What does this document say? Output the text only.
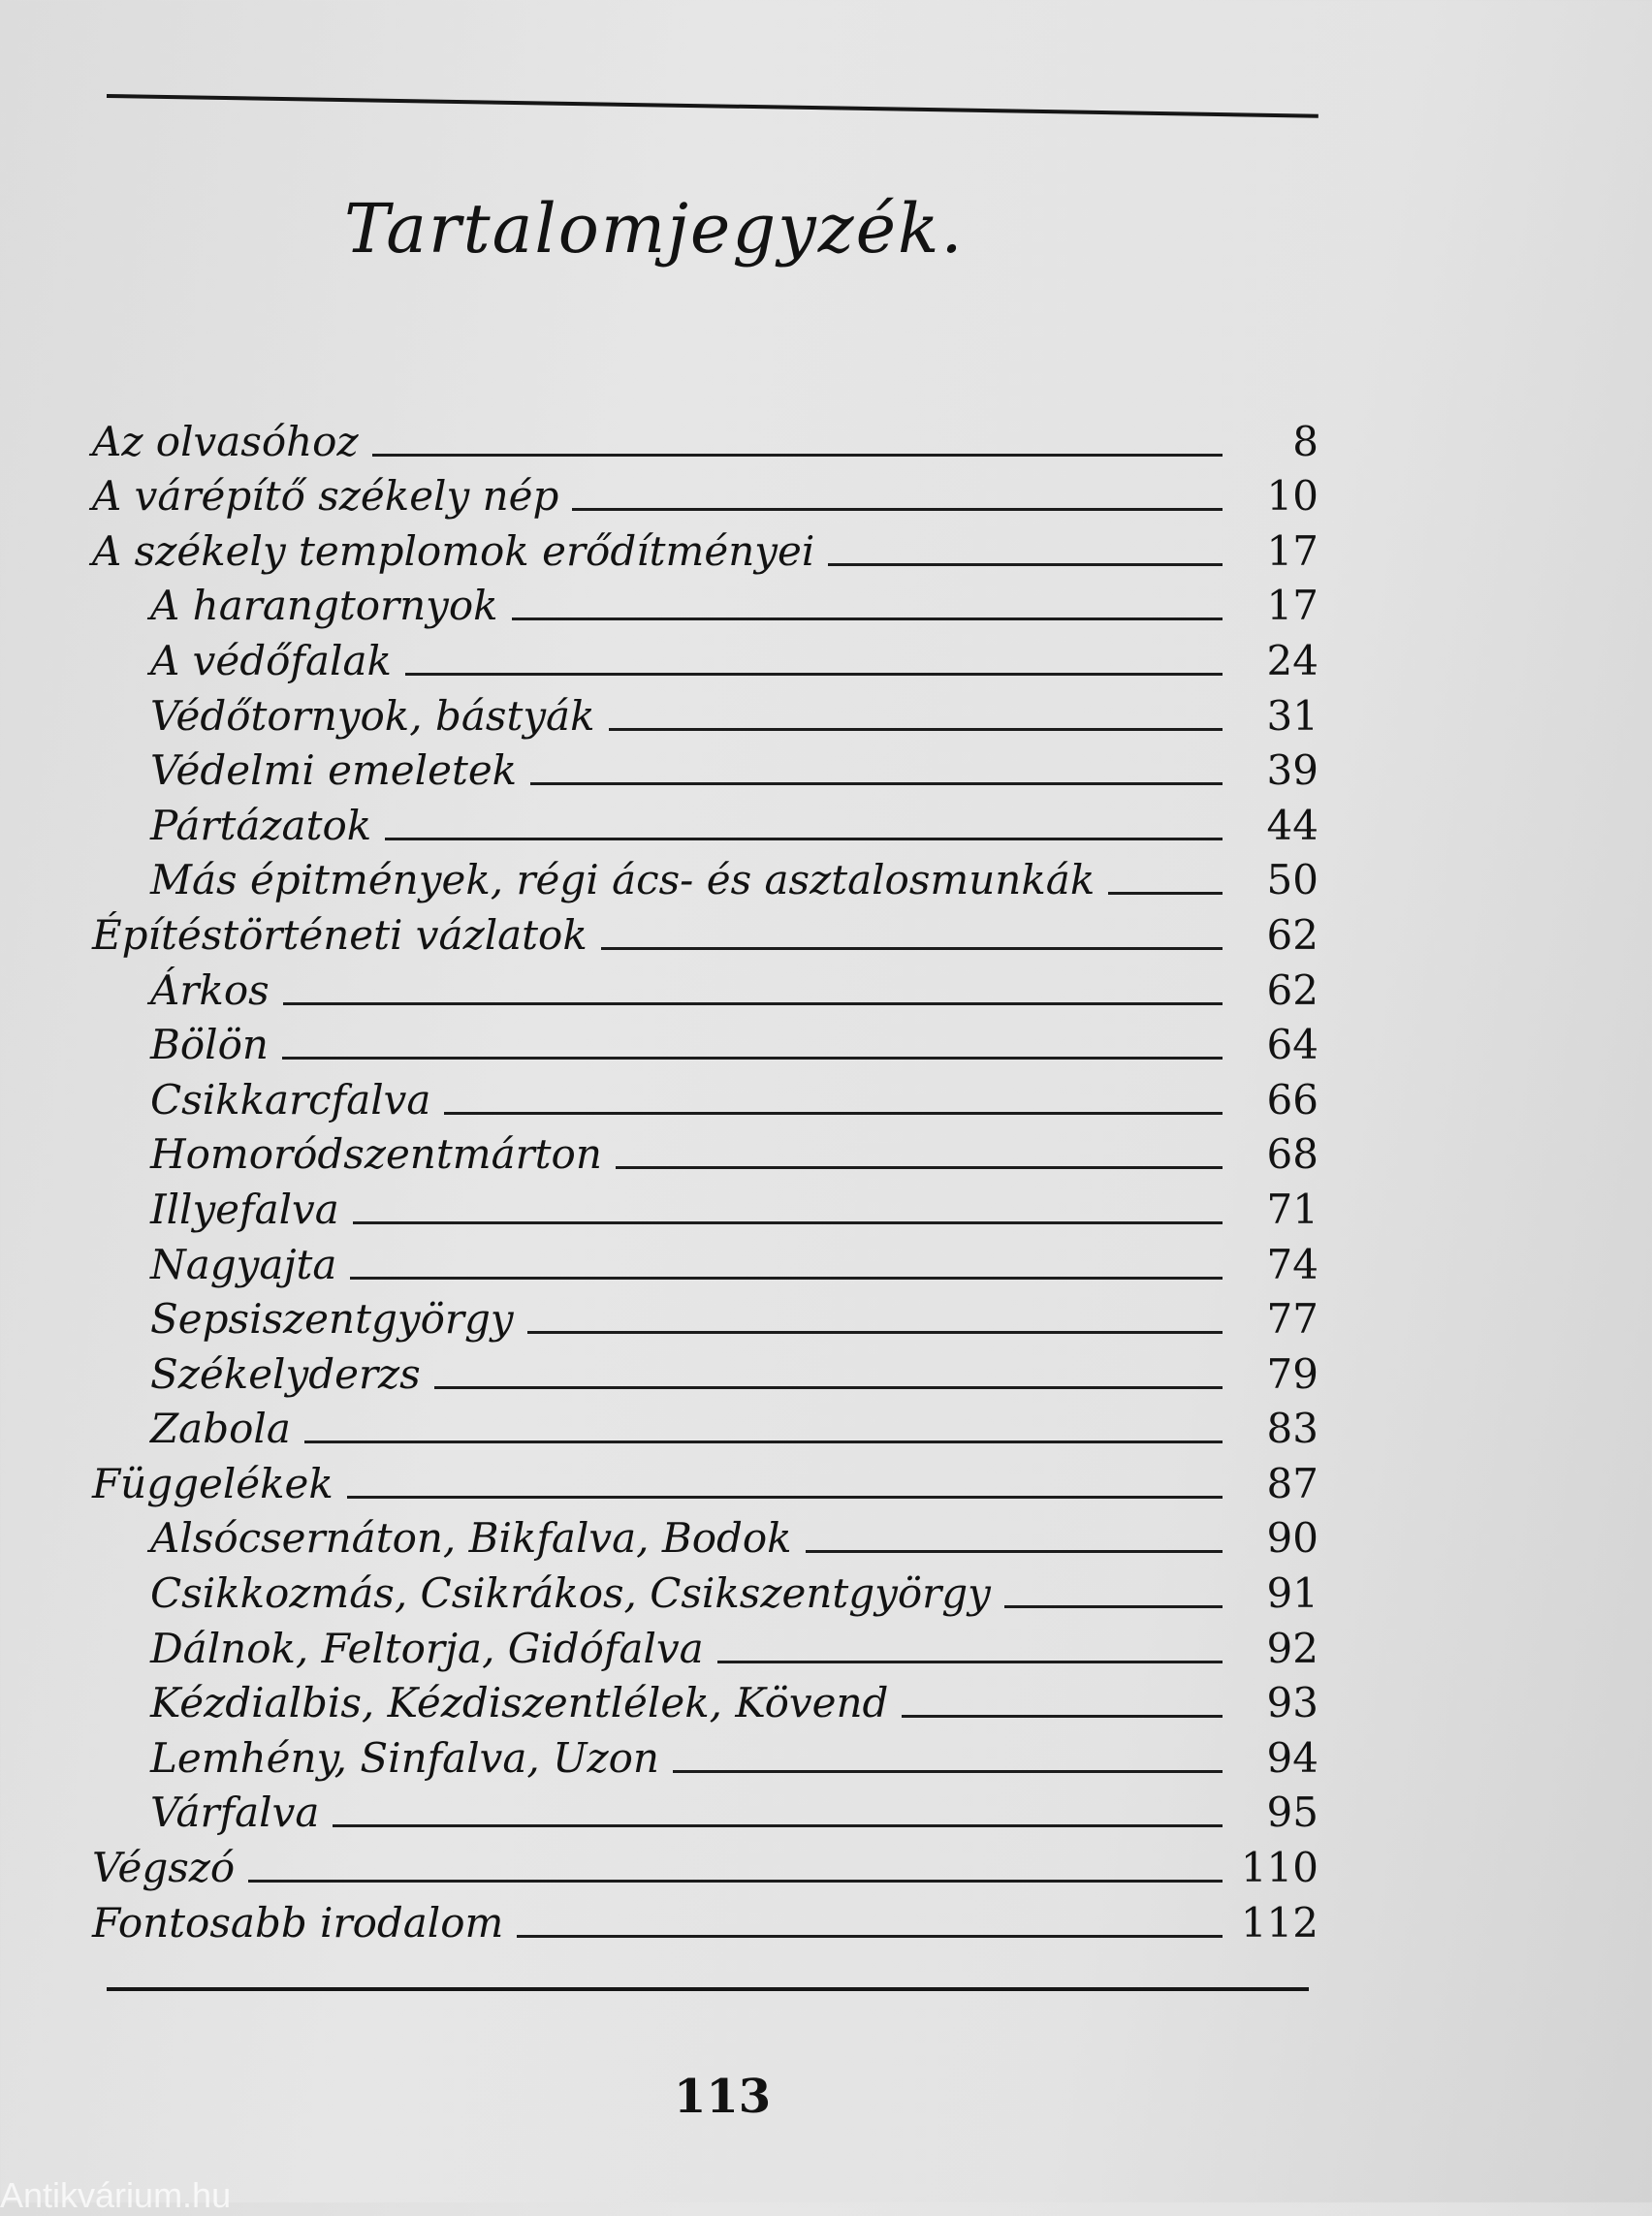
Tartalomjegyzék.
Az olvasóhoz	8
A várépítő székely nép	10
A székely templomok erődítményei	17
A harangtornyok	17
A védőfalak	24
Védőtornyok, bástyák	31
Védelmi emeletek	39
Pártázatok	44
Más épitmények, régi ács- és asztalosmunkák	50
Építéstörténeti vázlatok	62
Árkos	62
Bölön	64
Csikkarcfalva	66
Homoródszentmárton	68
Illyefalva	71
Nagyajta	74
Sepsiszentgyörgy	77
Székelyderzs	79
Zabola	83
Függelékek	87
Alsócsernáton, Bikfalva, Bodok	90
Csikkozmás, Csikrákos, Csikszentgyörgy	91
Dálnok, Feltorja, Gidófalva	92
Kézdialbis, Kézdiszentlélek, Kövend	93
Lemhény, Sinfalva, Uzon	94
Várfalva	95
Végszó	110
Fontosabb irodalom	112
113
Antikvárium.hu
